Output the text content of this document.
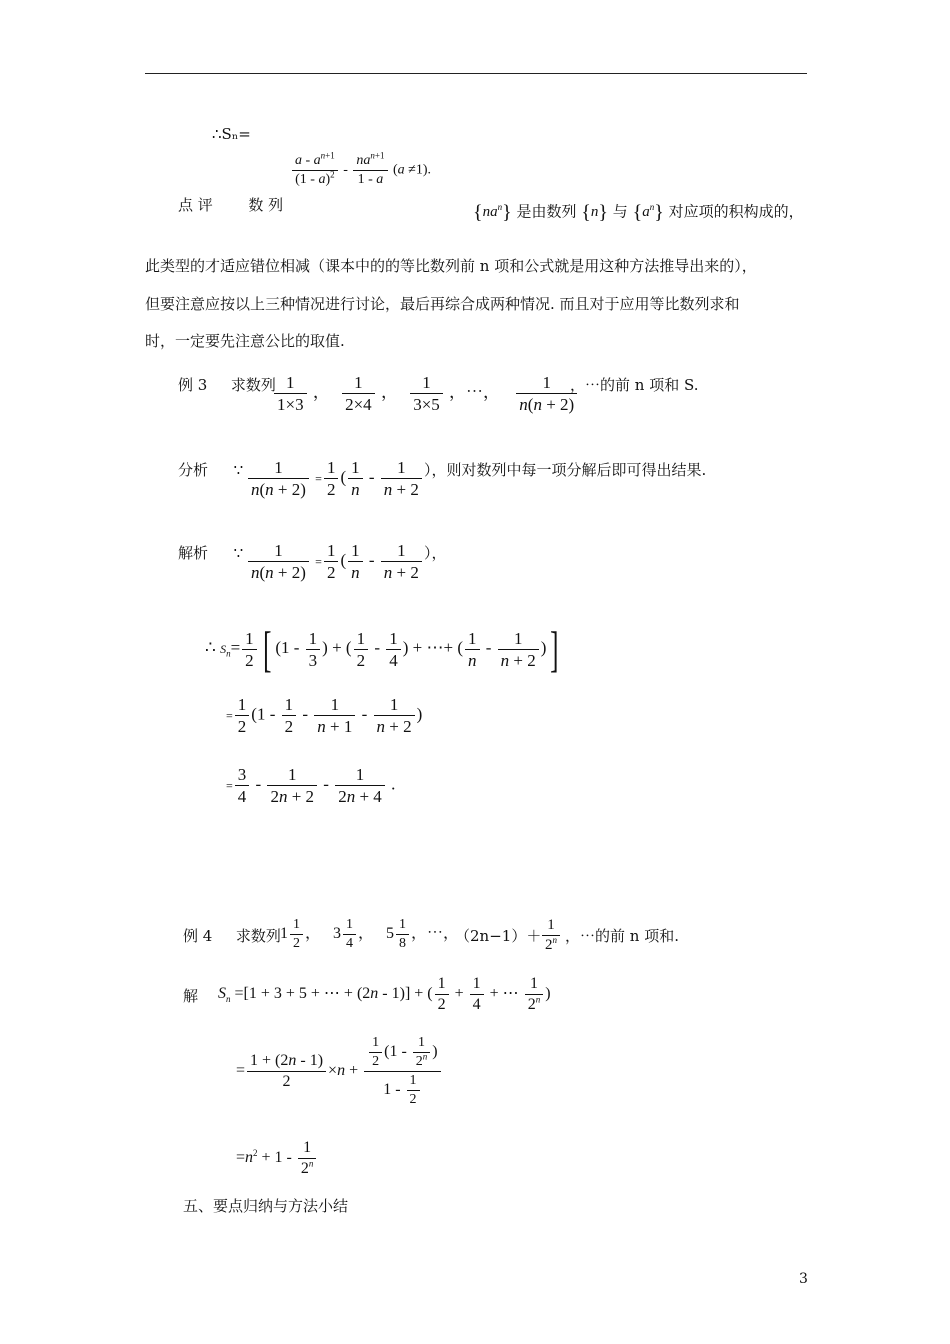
∴Sₙ=
$\frac{a - a^{n+1}}{(1 - a)^2} - \frac{na^{n+1}}{1 - a} (a \ne 1)$.
点 评 数 列	$\{na^n\}$ 是由数列 {n} 与 $\{a^n\}$ 对应项的积构成的，
此类型的才适应错位相减（课本中的的等比数列前 n 项和公式就是用这种方法推导出来的），
但要注意应按以上三种情况进行讨论，最后再综合成两种情况. 而且对于应用等比数列求和
时，一定要先注意公比的取值.
例 3 求数列
$\frac{1}{1\times 3}$ ， $\frac{1}{2\times 4}$ ， $\frac{1}{3\times 5}$ ，⋯， $\frac{1}{n(n + 2)}$
，⋯的前 n 项和 S.
分析 ∵ $\frac{1}{n(n + 2)} = \frac{1}{2}$ ( $\frac{1}{n} - \frac{1}{n + 2}$ ），则对数列中每一项分解后即可得出结果.
解析 ∵ $\frac{1}{n(n + 2)} = \frac{1}{2}$ ( $\frac{1}{n} - \frac{1}{n + 2}$ ），
∴ $S_n= \frac{1}{2}$ [ ($1 - \frac{1}{3}$ ) + ( $\frac{1}{2} - \frac{1}{4}$ ) + ⋯+ ( $\frac{1}{n} - \frac{1}{n + 2}$ )]
= $\frac{1}{2} (1 - \frac{1}{2} - \frac{1}{n + 1} - \frac{1}{n + 2}$ )
= $\frac{3}{4} - \frac{1}{2n + 2} - \frac{1}{2n + 4}$ .
例 4 求数列 $1 \frac{1}{2}$ ， $3 \frac{1}{4}$ ， $5 \frac{1}{8}$ ，⋯，
$(2n-1)+ \frac{1}{2^n}$ ，⋯的前 n 项和.
解 $S_n =[1 + 3 + 5$ + ⋯ + (2n - 1)] + ( $\frac{1}{2} + \frac{1}{4}$ + ⋯ $\frac{1}{2^n}$ )
= $\frac{1 + (2n - 1)}{2} \times n + \frac{\frac{1}{2} (1 - \frac{1}{2^n} )}{1 - \frac{1}{2}}$
$=n^2 + 1 - \frac{1}{2^n}$
五、要点归纳与方法小结
3
